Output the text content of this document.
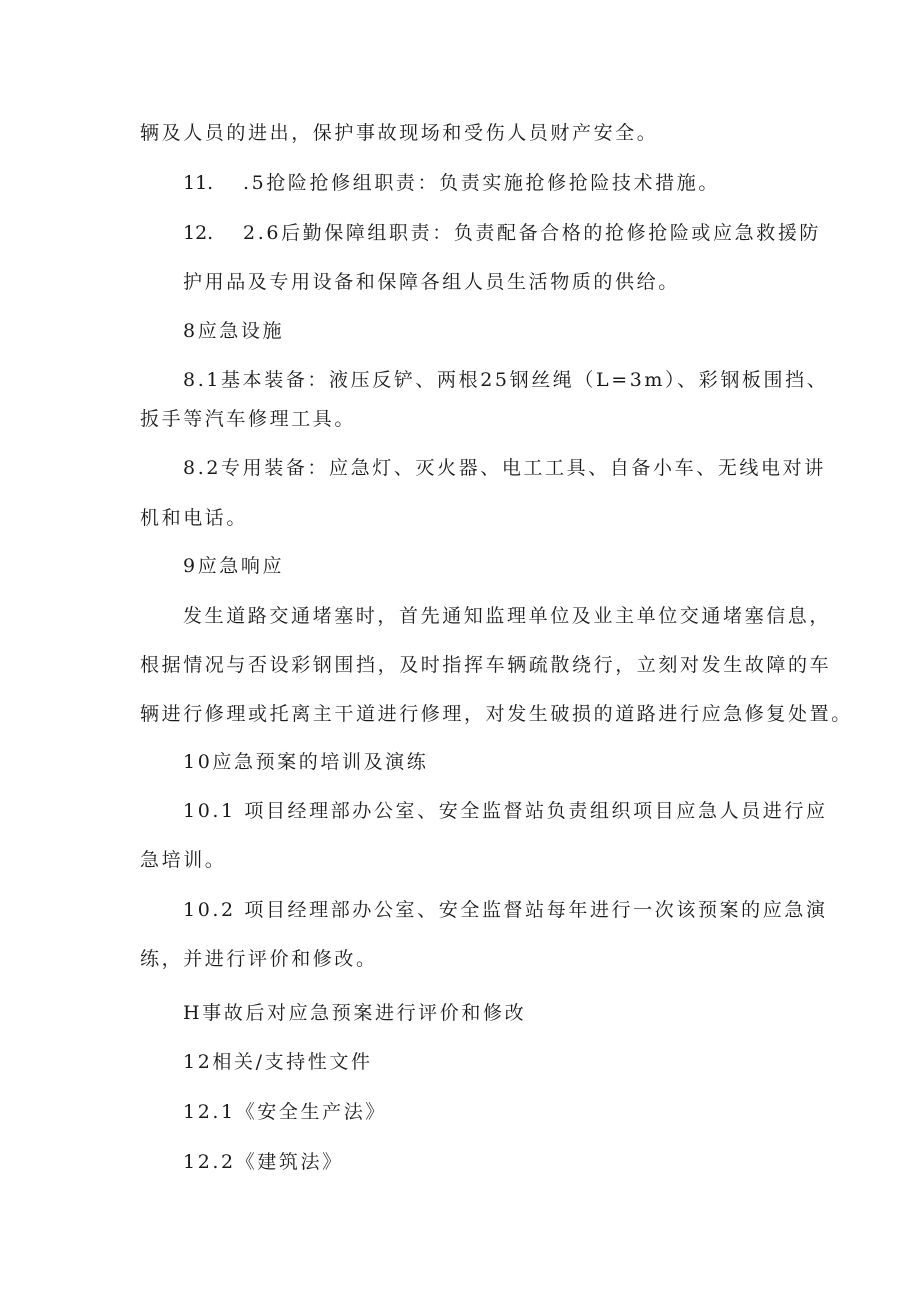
辆及人员的进出，保护事故现场和受伤人员财产安全。
11. .5抢险抢修组职责：负责实施抢修抢险技术措施。
12. 2.6后勤保障组职责：负责配备合格的抢修抢险或应急救援防
护用品及专用设备和保障各组人员生活物质的供给。
8应急设施
8.1基本装备：液压反铲、两根25钢丝绳（L=3m）、彩钢板围挡、
扳手等汽车修理工具。
8.2专用装备：应急灯、灭火器、电工工具、自备小车、无线电对讲
机和电话。
9应急响应
发生道路交通堵塞时，首先通知监理单位及业主单位交通堵塞信息，
根据情况与否设彩钢围挡，及时指挥车辆疏散绕行，立刻对发生故障的车
辆进行修理或托离主干道进行修理，对发生破损的道路进行应急修复处置。
10应急预案的培训及演练
10.1 项目经理部办公室、安全监督站负责组织项目应急人员进行应
急培训。
10.2 项目经理部办公室、安全监督站每年进行一次该预案的应急演
练，并进行评价和修改。
H事故后对应急预案进行评价和修改
12相关/支持性文件
12.1《安全生产法》
12.2《建筑法》
